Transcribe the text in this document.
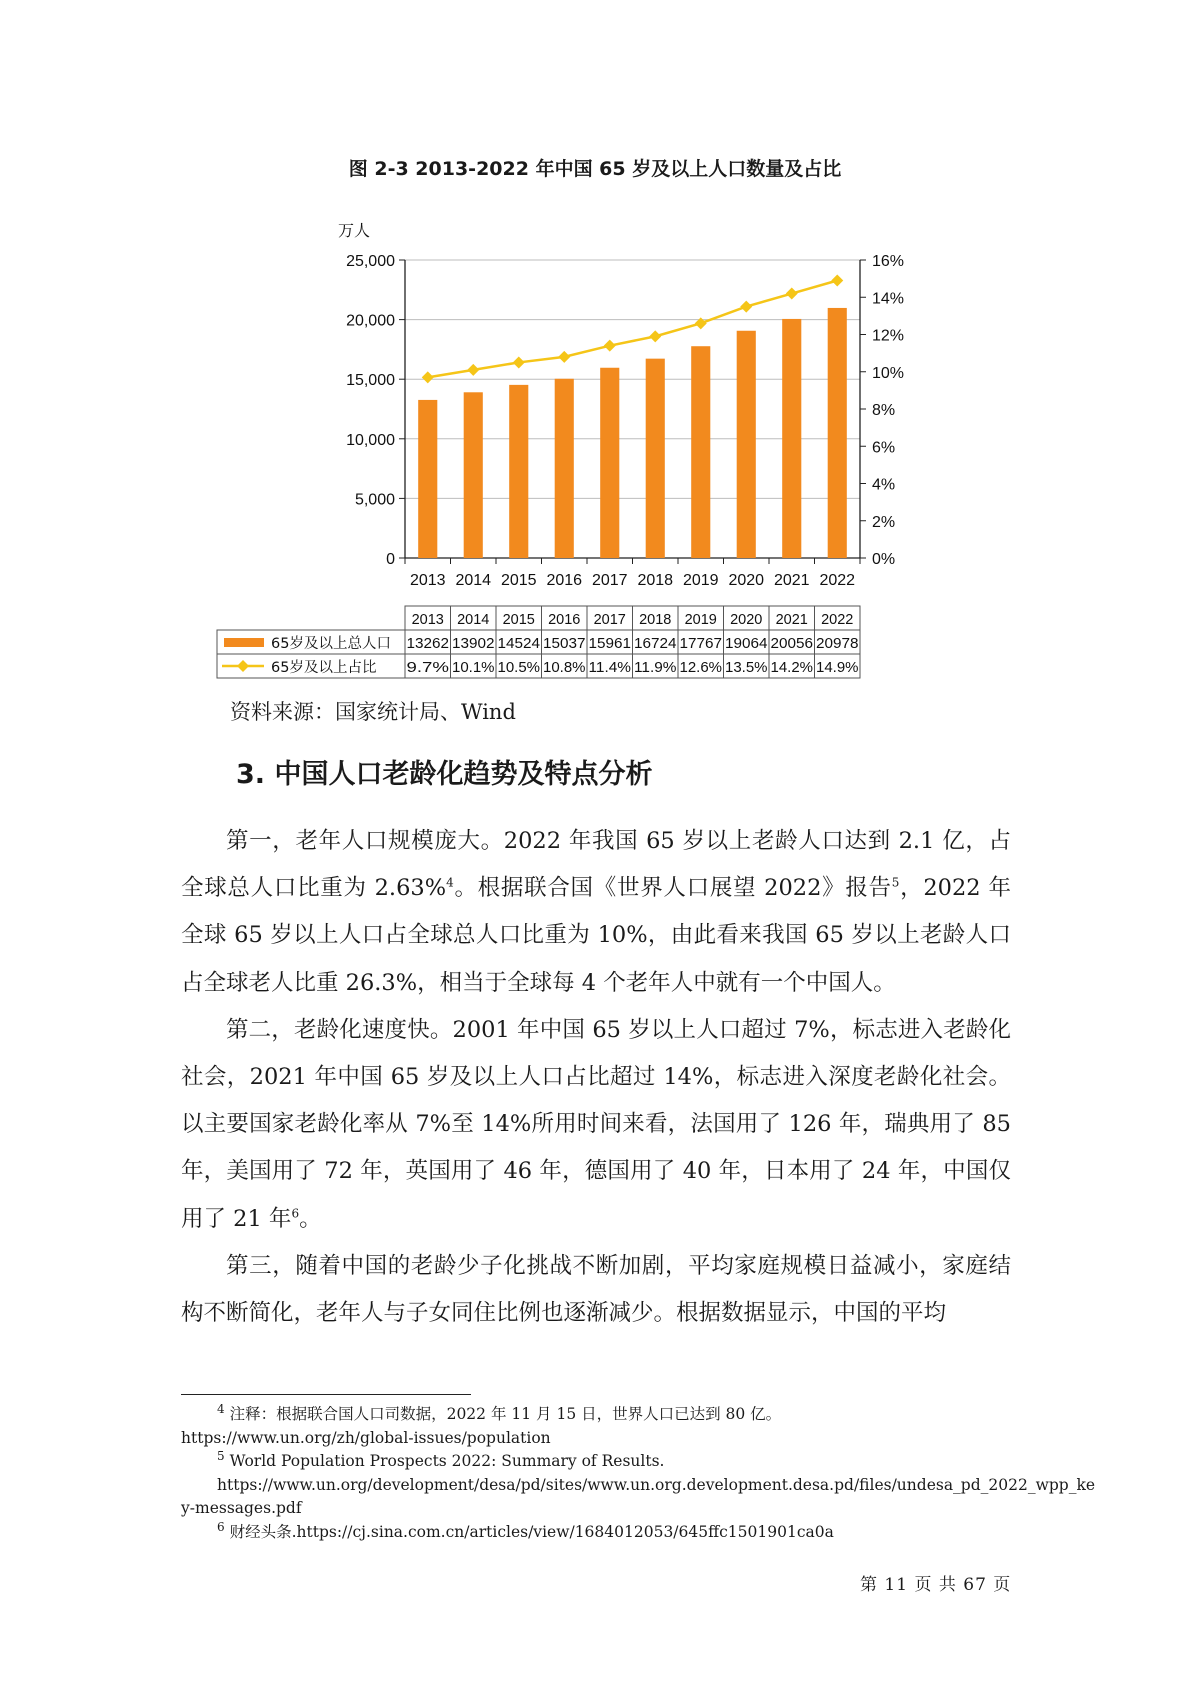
图 2-3 2013-2022 年中国 65 岁及以上人口数量及占比
0
5,000
10,000
15,000
20,000
25,000
0%
2%
4%
6%
8%
10%
12%
14%
16%
万人
2013 2014 2015 2016 2017 2018 2019 2020 2021 2022
2013
13262
9.7%
2014
13902
10.1%
2015
14524
10.5%
2016
15037
10.8%
2017
15961
11.4%
2018
16724
11.9%
2019
17767
12.6%
2020
19064
13.5%
2021
20056
14.2%
2022
20978
14.9%
65岁及以上总人口
65岁及以上占比
资料来源：国家统计局、Wind
3. 中国人口老龄化趋势及特点分析

第一，老年人口规模庞大。2022 年我国 65 岁以上老龄人口达到 2.1 亿，占全球总人口比重为 2.63%$^4$。根据联合国《世界人口展望 2022》报告$^5$，2022 年全球 65 岁以上人口占全球总人口比重为 10%，由此看来我国 65 岁以上老龄人口占全球老人比重 26.3%，相当于全球每 4 个老年人中就有一个中国人。

第二，老龄化速度快。2001 年中国 65 岁以上人口超过 7%，标志进入老龄化社会，2021 年中国 65 岁及以上人口占比超过 14%，标志进入深度老龄化社会。以主要国家老龄化率从 7%至 14%所用时间来看，法国用了 126 年，瑞典用了 85 年，美国用了 72 年，英国用了 46 年，德国用了 40 年，日本用了 24 年，中国仅用了 21 年$^6$。

第三，随着中国的老龄少子化挑战不断加剧，平均家庭规模日益减小，家庭结构不断简化，老年人与子女同住比例也逐渐减少。根据数据显示，中国的平均

$^4$ 注释：根据联合国人口司数据，2022 年 11 月 15 日，世界人口已达到 80 亿。
https://www.un.org/zh/global-issues/population
$^5$ World Population Prospects 2022: Summary of Results.
https://www.un.org/development/desa/pd/sites/www.un.org.development.desa.pd/files/undesa_pd_2022_wpp_ke
y-messages.pdf
$^6$ 财经头条.https://cj.sina.com.cn/articles/view/1684012053/645ffc1501901ca0a
第 11 页 共 67 页
